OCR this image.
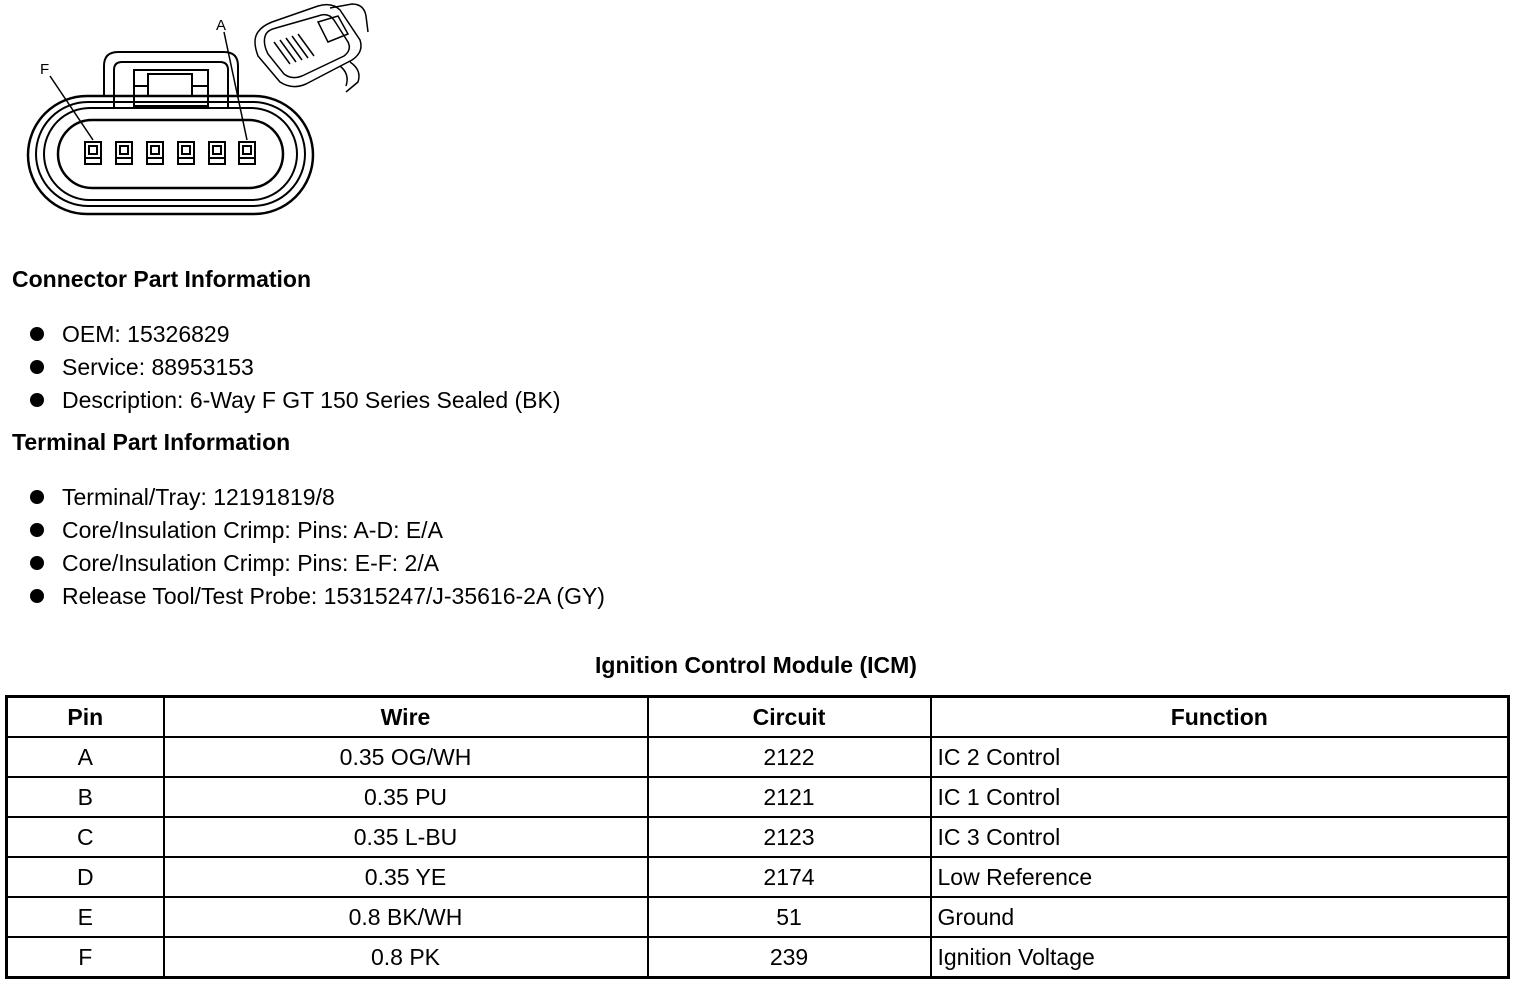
F
A
Connector Part Information
OEM: 15326829
Service: 88953153
Description: 6-Way F GT 150 Series Sealed (BK)
Terminal Part Information
Terminal/Tray: 12191819/8
Core/Insulation Crimp: Pins: A-D: E/A
Core/Insulation Crimp: Pins: E-F: 2/A
Release Tool/Test Probe: 15315247/J-35616-2A (GY)
Ignition Control Module (ICM)
Pin	Wire	Circuit	Function
A	0.35 OG/WH	2122	IC 2 Control
B	0.35 PU	2121	IC 1 Control
C	0.35 L-BU	2123	IC 3 Control
D	0.35 YE	2174	Low Reference
E	0.8 BK/WH	51	Ground
F	0.8 PK	239	Ignition Voltage
